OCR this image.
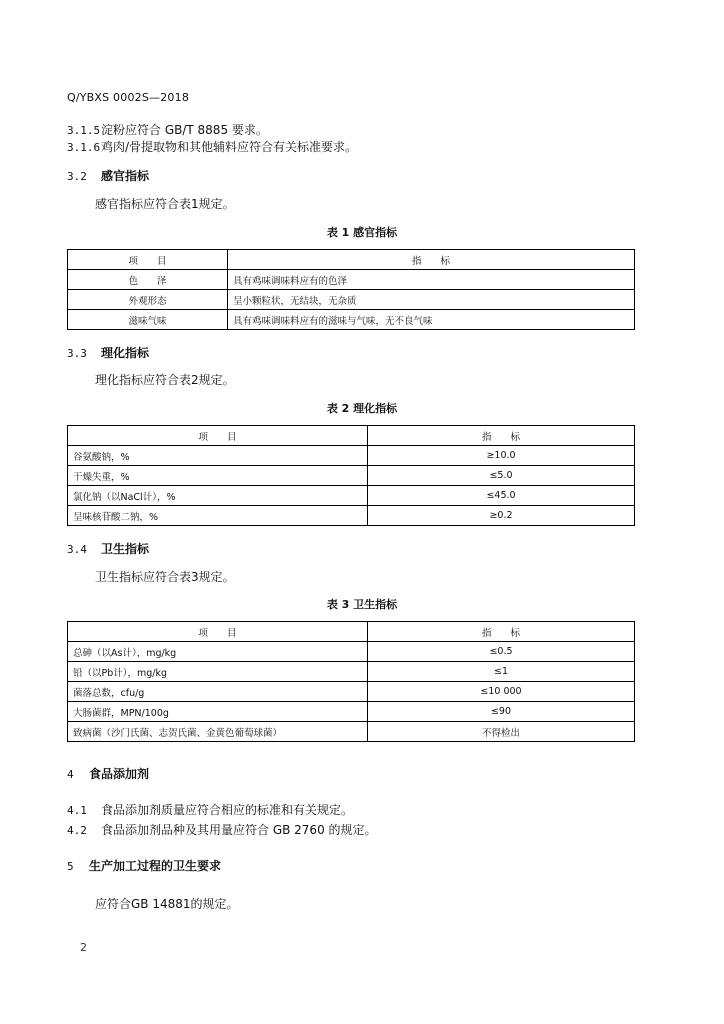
Q/YBXS 0002S—2018
3.1.5淀粉应符合 GB/T 8885 要求。
3.1.6鸡肉/骨提取物和其他辅料应符合有关标准要求。
3.2 感官指标
感官指标应符合表1规定。
表 1 感官指标
项　　目	指　　标
色　　泽	具有鸡味调味料应有的色泽
外观形态	呈小颗粒状，无结块，无杂质
滋味气味	具有鸡味调味料应有的滋味与气味，无不良气味
3.3 理化指标
理化指标应符合表2规定。
表 2 理化指标
项　　目	指　　标
谷氨酸钠，%	≥10.0
干燥失重，%	≤5.0
氯化钠（以NaCl计），%	≤45.0
呈味核苷酸二钠，%	≥0.2
3.4 卫生指标
卫生指标应符合表3规定。
表 3 卫生指标
项　　目	指　　标
总砷（以As计），mg/kg	≤0.5
铅（以Pb计），mg/kg	≤1
菌落总数，cfu/g	≤10 000
大肠菌群，MPN/100g	≤90
致病菌（沙门氏菌、志贺氏菌、金黄色葡萄球菌）	不得检出
4 食品添加剂
4.1 食品添加剂质量应符合相应的标准和有关规定。
4.2 食品添加剂品种及其用量应符合 GB 2760 的规定。
5 生产加工过程的卫生要求
应符合GB 14881的规定。
2
